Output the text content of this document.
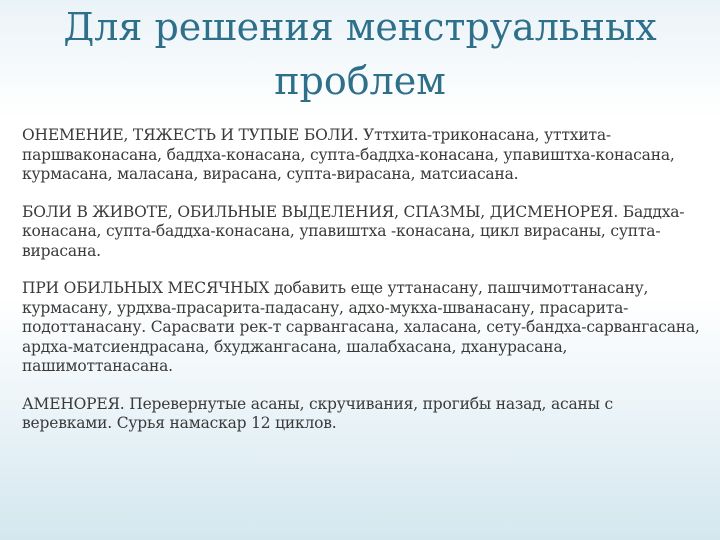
Для решения менструальных проблем

ОНЕМЕНИЕ, ТЯЖЕСТЬ И ТУПЫЕ БОЛИ. Уттхита-триконасана, уттхита-паршваконасана, баддха-конасана, супта-баддха-конасана, упавиштха-конасана, курмасана, маласана, вирасана, супта-вирасана, матсиасана.

БОЛИ В ЖИВОТЕ, ОБИЛЬНЫЕ ВЫДЕЛЕНИЯ, СПАЗМЫ, ДИСМЕНОРЕЯ. Баддха-конасана, супта-баддха-конасана, упавиштха -конасана, цикл вирасаны, супта-вирасана.

ПРИ ОБИЛЬНЫХ МЕСЯЧНЫХ добавить еще уттанасану, пашчимоттанасану, курмасану, урдхва-прасарита-падасану, адхо-мукха-шванасану, прасарита-подоттанасану. Сарасвати рек-т сарвангасана, халасана, сету-бандха-сарвангасана, ардха-матсиендрасана, бхуджангасана, шалабхасана, дханурасана, пашимоттанасана.

АМЕНОРЕЯ. Перевернутые асаны, скручивания, прогибы назад, асаны с веревками. Сурья намаскар 12 циклов.
